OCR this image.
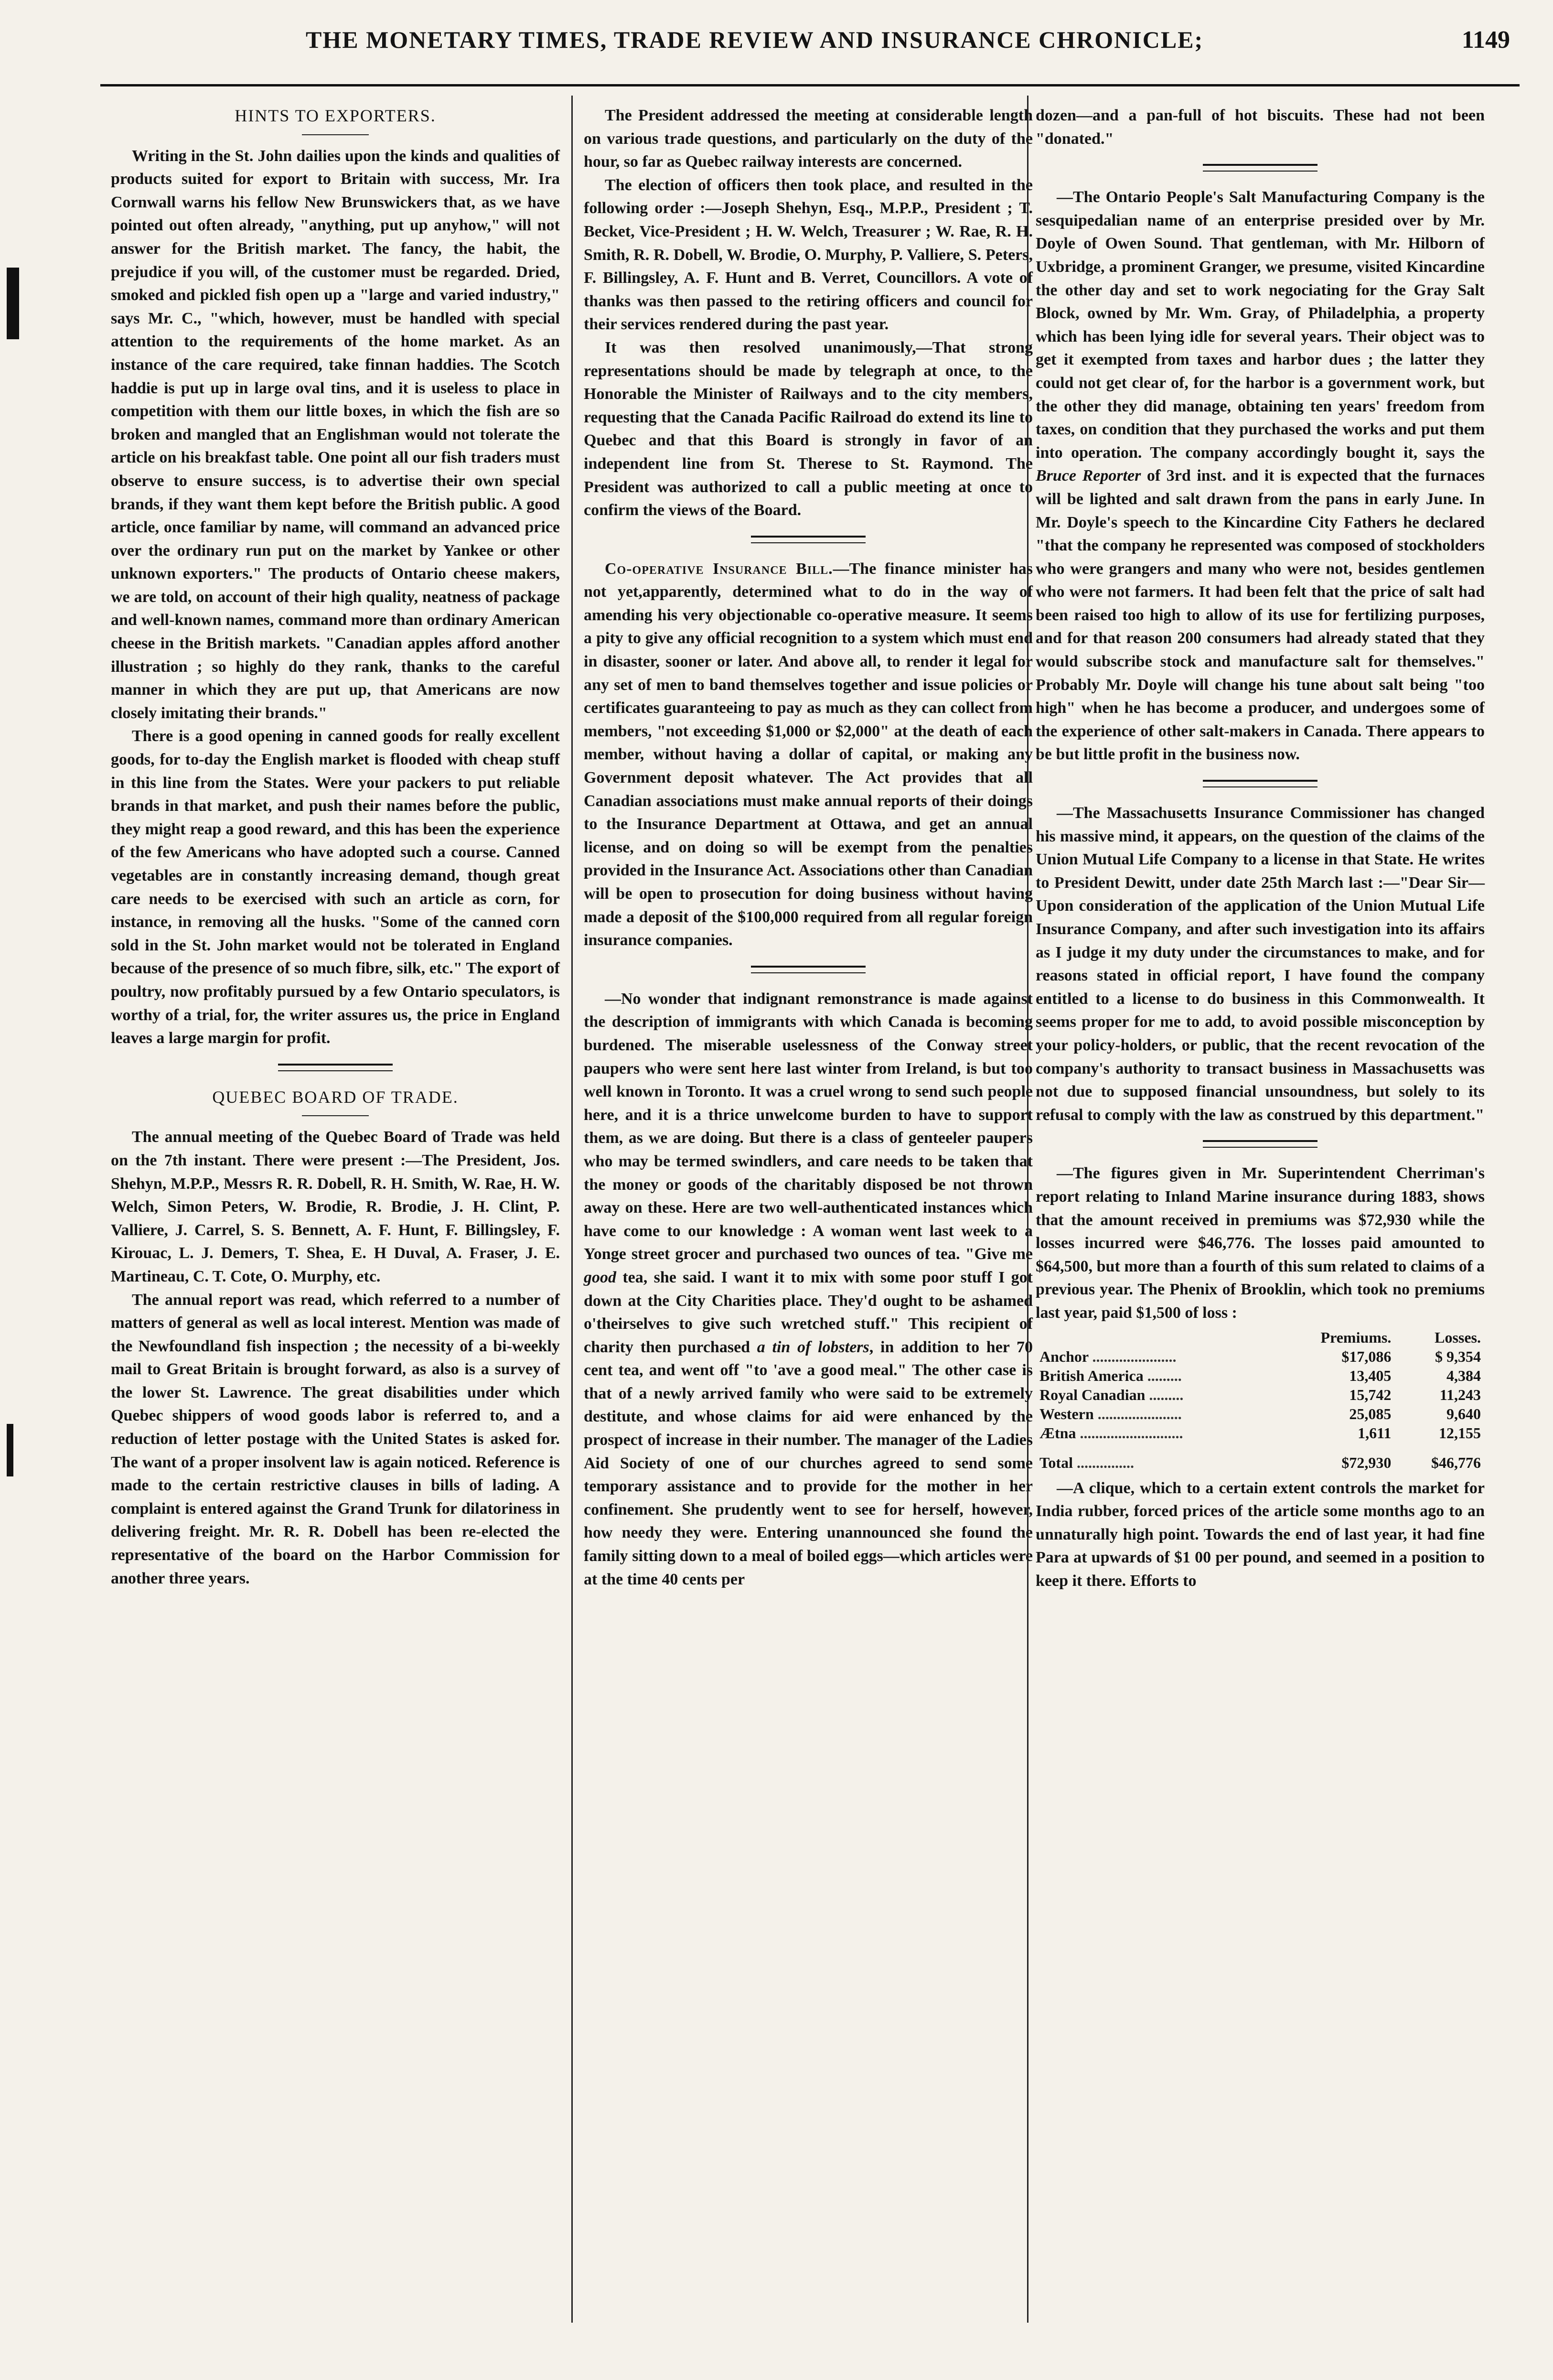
THE MONETARY TIMES, TRADE REVIEW AND INSURANCE CHRONICLE;	1149
HINTS TO EXPORTERS.

Writing in the St. John dailies upon the kinds and qualities of products suited for export to Britain with success, Mr. Ira Cornwall warns his fellow New Brunswickers that, as we have pointed out often already, "anything, put up anyhow," will not answer for the British market. The fancy, the habit, the prejudice if you will, of the customer must be regarded. Dried, smoked and pickled fish open up a "large and varied industry," says Mr. C., "which, however, must be handled with special attention to the requirements of the home market. As an instance of the care required, take finnan haddies. The Scotch haddie is put up in large oval tins, and it is useless to place in competition with them our little boxes, in which the fish are so broken and mangled that an Englishman would not tolerate the article on his breakfast table. One point all our fish traders must observe to ensure success, is to advertise their own special brands, if they want them kept before the British public. A good article, once familiar by name, will command an advanced price over the ordinary run put on the market by Yankee or other unknown exporters." The products of Ontario cheese makers, we are told, on account of their high quality, neatness of package and well-known names, command more than ordinary American cheese in the British markets. "Canadian apples afford another illustration ; so highly do they rank, thanks to the careful manner in which they are put up, that Americans are now closely imitating their brands."

There is a good opening in canned goods for really excellent goods, for to-day the English market is flooded with cheap stuff in this line from the States. Were your packers to put reliable brands in that market, and push their names before the public, they might reap a good reward, and this has been the experience of the few Americans who have adopted such a course. Canned vegetables are in constantly increasing demand, though great care needs to be exercised with such an article as corn, for instance, in removing all the husks. "Some of the canned corn sold in the St. John market would not be tolerated in England because of the presence of so much fibre, silk, etc." The export of poultry, now profitably pursued by a few Ontario speculators, is worthy of a trial, for, the writer assures us, the price in England leaves a large margin for profit.

QUEBEC BOARD OF TRADE.

The annual meeting of the Quebec Board of Trade was held on the 7th instant. There were present :—The President, Jos. Shehyn, M.P.P., Messrs R. R. Dobell, R. H. Smith, W. Rae, H. W. Welch, Simon Peters, W. Brodie, R. Brodie, J. H. Clint, P. Valliere, J. Carrel, S. S. Bennett, A. F. Hunt, F. Billingsley, F. Kirouac, L. J. Demers, T. Shea, E. H Duval, A. Fraser, J. E. Martineau, C. T. Cote, O. Murphy, etc.

The annual report was read, which referred to a number of matters of general as well as local interest. Mention was made of the Newfoundland fish inspection ; the necessity of a bi-weekly mail to Great Britain is brought forward, as also is a survey of the lower St. Lawrence. The great disabilities under which Quebec shippers of wood goods labor is referred to, and a reduction of letter postage with the United States is asked for. The want of a proper insolvent law is again noticed. Reference is made to the certain restrictive clauses in bills of lading. A complaint is entered against the Grand Trunk for dilatoriness in delivering freight. Mr. R. R. Dobell has been re-elected the representative of the board on the Harbor Commission for another three years.

The President addressed the meeting at considerable length on various trade questions, and particularly on the duty of the hour, so far as Quebec railway interests are concerned.

The election of officers then took place, and resulted in the following order :—Joseph Shehyn, Esq., M.P.P., President ; T. Becket, Vice-President ; H. W. Welch, Treasurer ; W. Rae, R. H. Smith, R. R. Dobell, W. Brodie, O. Murphy, P. Valliere, S. Peters, F. Billingsley, A. F. Hunt and B. Verret, Councillors. A vote of thanks was then passed to the retiring officers and council for their services rendered during the past year.

It was then resolved unanimously,—That strong representations should be made by telegraph at once, to the Honorable the Minister of Railways and to the city members, requesting that the Canada Pacific Railroad do extend its line to Quebec and that this Board is strongly in favor of an independent line from St. Therese to St. Raymond. The President was authorized to call a public meeting at once to confirm the views of the Board.

Co-operative Insurance Bill.—The finance minister has not yet,apparently, determined what to do in the way of amending his very objectionable co-operative measure. It seems a pity to give any official recognition to a system which must end in disaster, sooner or later. And above all, to render it legal for any set of men to band themselves together and issue policies or certificates guaranteeing to pay as much as they can collect from members, "not exceeding $1,000 or $2,000" at the death of each member, without having a dollar of capital, or making any Government deposit whatever. The Act provides that all Canadian associations must make annual reports of their doings to the Insurance Department at Ottawa, and get an annual license, and on doing so will be exempt from the penalties provided in the Insurance Act. Associations other than Canadian will be open to prosecution for doing business without having made a deposit of the $100,000 required from all regular foreign insurance companies.

—No wonder that indignant remonstrance is made against the description of immigrants with which Canada is becoming burdened. The miserable uselessness of the Conway street paupers who were sent here last winter from Ireland, is but too well known in Toronto. It was a cruel wrong to send such people here, and it is a thrice unwelcome burden to have to support them, as we are doing. But there is a class of genteeler paupers who may be termed swindlers, and care needs to be taken that the money or goods of the charitably disposed be not thrown away on these. Here are two well-authenticated instances which have come to our knowledge : A woman went last week to a Yonge street grocer and purchased two ounces of tea. "Give me good tea, she said. I want it to mix with some poor stuff I got down at the City Charities place. They'd ought to be ashamed o'theirselves to give such wretched stuff." This recipient of charity then purchased a tin of lobsters, in addition to her 70 cent tea, and went off "to 'ave a good meal." The other case is that of a newly arrived family who were said to be extremely destitute, and whose claims for aid were enhanced by the prospect of increase in their number. The manager of the Ladies Aid Society of one of our churches agreed to send some temporary assistance and to provide for the mother in her confinement. She prudently went to see for herself, however, how needy they were. Entering unannounced she found the family sitting down to a meal of boiled eggs—which articles were at the time 40 cents per

dozen—and a pan-full of hot biscuits. These had not been "donated."

—The Ontario People's Salt Manufacturing Company is the sesquipedalian name of an enterprise presided over by Mr. Doyle of Owen Sound. That gentleman, with Mr. Hilborn of Uxbridge, a prominent Granger, we presume, visited Kincardine the other day and set to work negociating for the Gray Salt Block, owned by Mr. Wm. Gray, of Philadelphia, a property which has been lying idle for several years. Their object was to get it exempted from taxes and harbor dues ; the latter they could not get clear of, for the harbor is a government work, but the other they did manage, obtaining ten years' freedom from taxes, on condition that they purchased the works and put them into operation. The company accordingly bought it, says the Bruce Reporter of 3rd inst. and it is expected that the furnaces will be lighted and salt drawn from the pans in early June. In Mr. Doyle's speech to the Kincardine City Fathers he declared "that the company he represented was composed of stockholders who were grangers and many who were not, besides gentlemen who were not farmers. It had been felt that the price of salt had been raised too high to allow of its use for fertilizing purposes, and for that reason 200 consumers had already stated that they would subscribe stock and manufacture salt for themselves." Probably Mr. Doyle will change his tune about salt being "too high" when he has become a producer, and undergoes some of the experience of other salt-makers in Canada. There appears to be but little profit in the business now.

—The Massachusetts Insurance Commissioner has changed his massive mind, it appears, on the question of the claims of the Union Mutual Life Company to a license in that State. He writes to President Dewitt, under date 25th March last :—"Dear Sir—Upon consideration of the application of the Union Mutual Life Insurance Company, and after such investigation into its affairs as I judge it my duty under the circumstances to make, and for reasons stated in official report, I have found the company entitled to a license to do business in this Commonwealth. It seems proper for me to add, to avoid possible misconception by your policy-holders, or public, that the recent revocation of the company's authority to transact business in Massachusetts was not due to supposed financial unsoundness, but solely to its refusal to comply with the law as construed by this department."

—The figures given in Mr. Superintendent Cherriman's report relating to Inland Marine insurance during 1883, shows that the amount received in premiums was $72,930 while the losses incurred were $46,776. The losses paid amounted to $64,500, but more than a fourth of this sum related to claims of a previous year. The Phenix of Brooklin, which took no premiums last year, paid $1,500 of loss :

	Premiums.	Losses.
Anchor ......................	$17,086	$ 9,354
British America .........	13,405	4,384
Royal Canadian .........	15,742	11,243
Western ......................	25,085	9,640
Ætna ...........................	1,611	12,155
Total ...............	$72,930	$46,776

—A clique, which to a certain extent controls the market for India rubber, forced prices of the article some months ago to an unnaturally high point. Towards the end of last year, it had fine Para at upwards of $1 00 per pound, and seemed in a position to keep it there. Efforts to
